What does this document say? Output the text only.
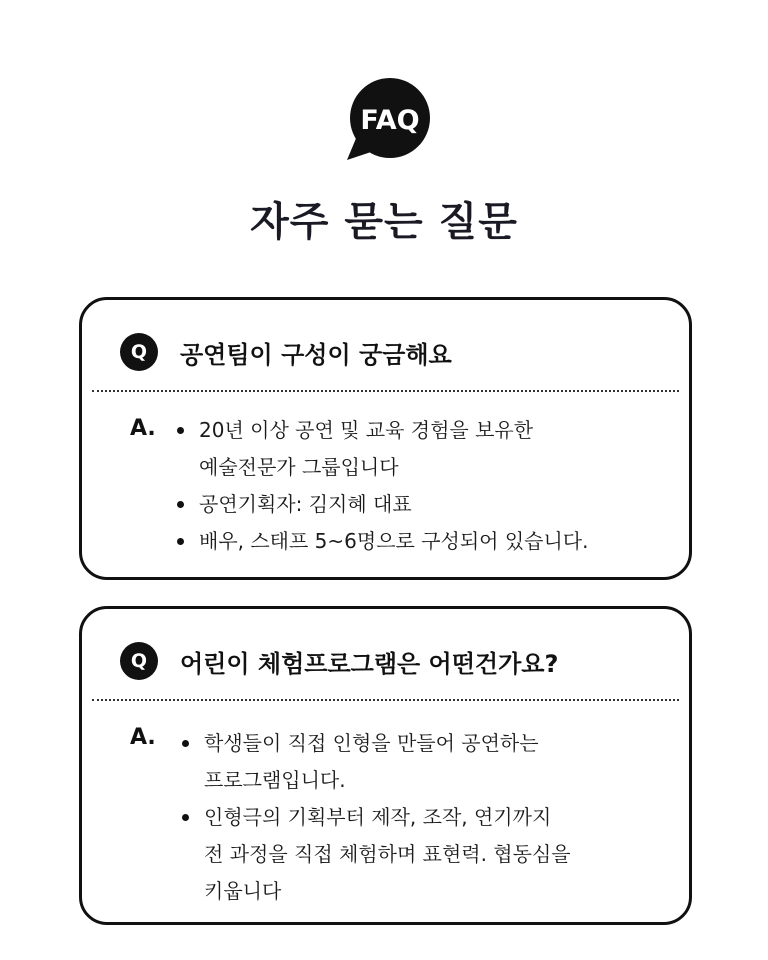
FAQ
자주 묻는 질문
Q	공연팀이 구성이 궁금해요
A. 20년 이상 공연 및 교육 경험을 보유한
예술전문가 그룹입니다
공연기획자: 김지혜 대표
배우, 스태프 5~6명으로 구성되어 있습니다.
Q	어린이 체험프로그램은 어떤건가요?
A. 학생들이 직접 인형을 만들어 공연하는
프로그램입니다.
인형극의 기획부터 제작, 조작, 연기까지
전 과정을 직접 체험하며 표현력. 협동심을
키웁니다
